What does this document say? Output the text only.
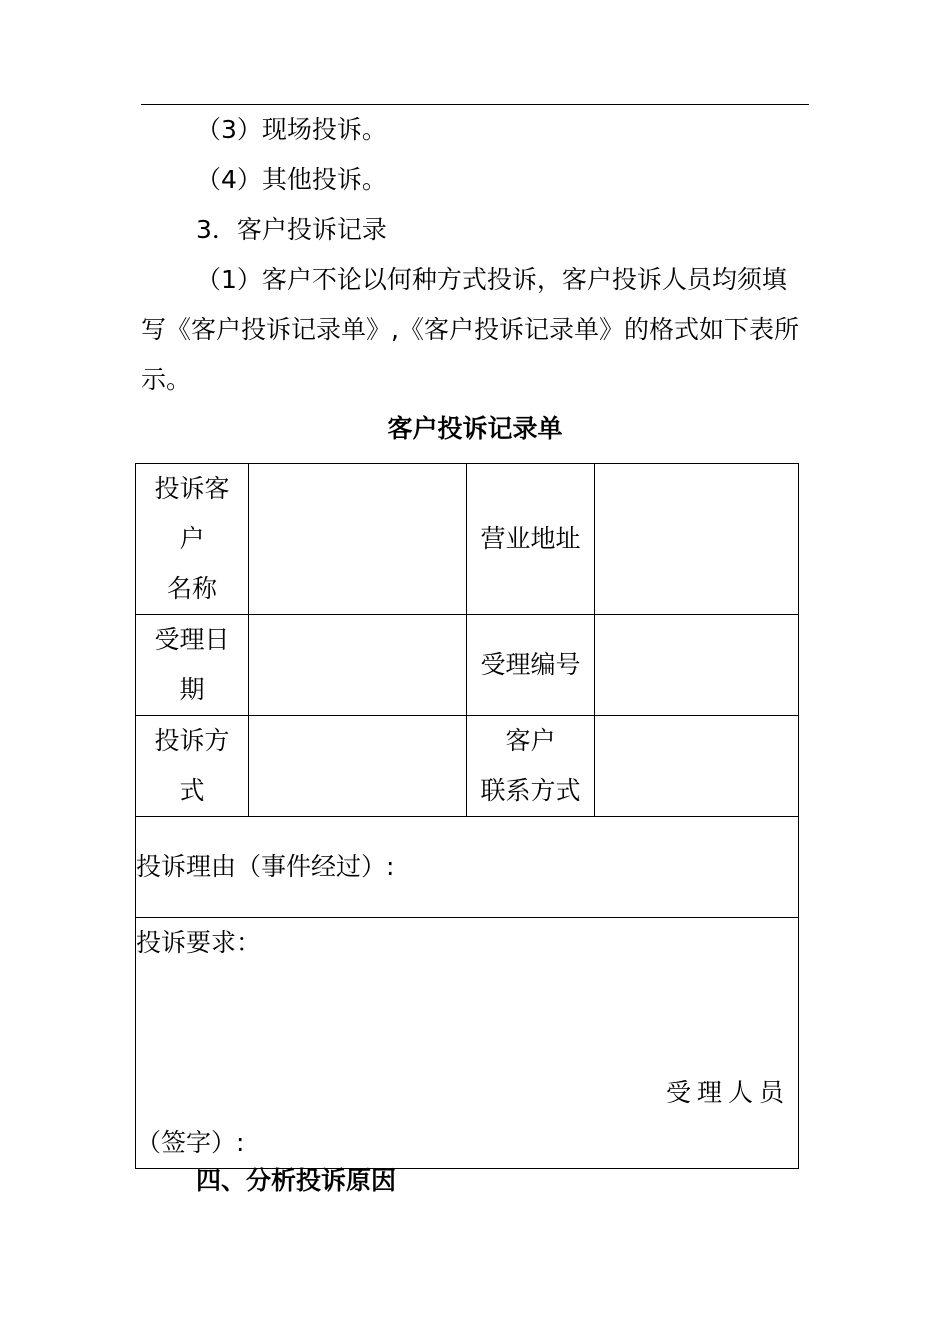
（3）现场投诉。
（4）其他投诉。
3．客户投诉记录
（1）客户不论以何种方式投诉，客户投诉人员均须填
写《客户投诉记录单》,《客户投诉记录单》的格式如下表所
示。
客户投诉记录单
投诉客
户
名称		营业地址	

受理日
期		受理编号	

投诉方
式		客户
联系方式	

投诉理由（事件经过）:			

投诉要求：
受理人员
（签字）:			
四、分析投诉原因
